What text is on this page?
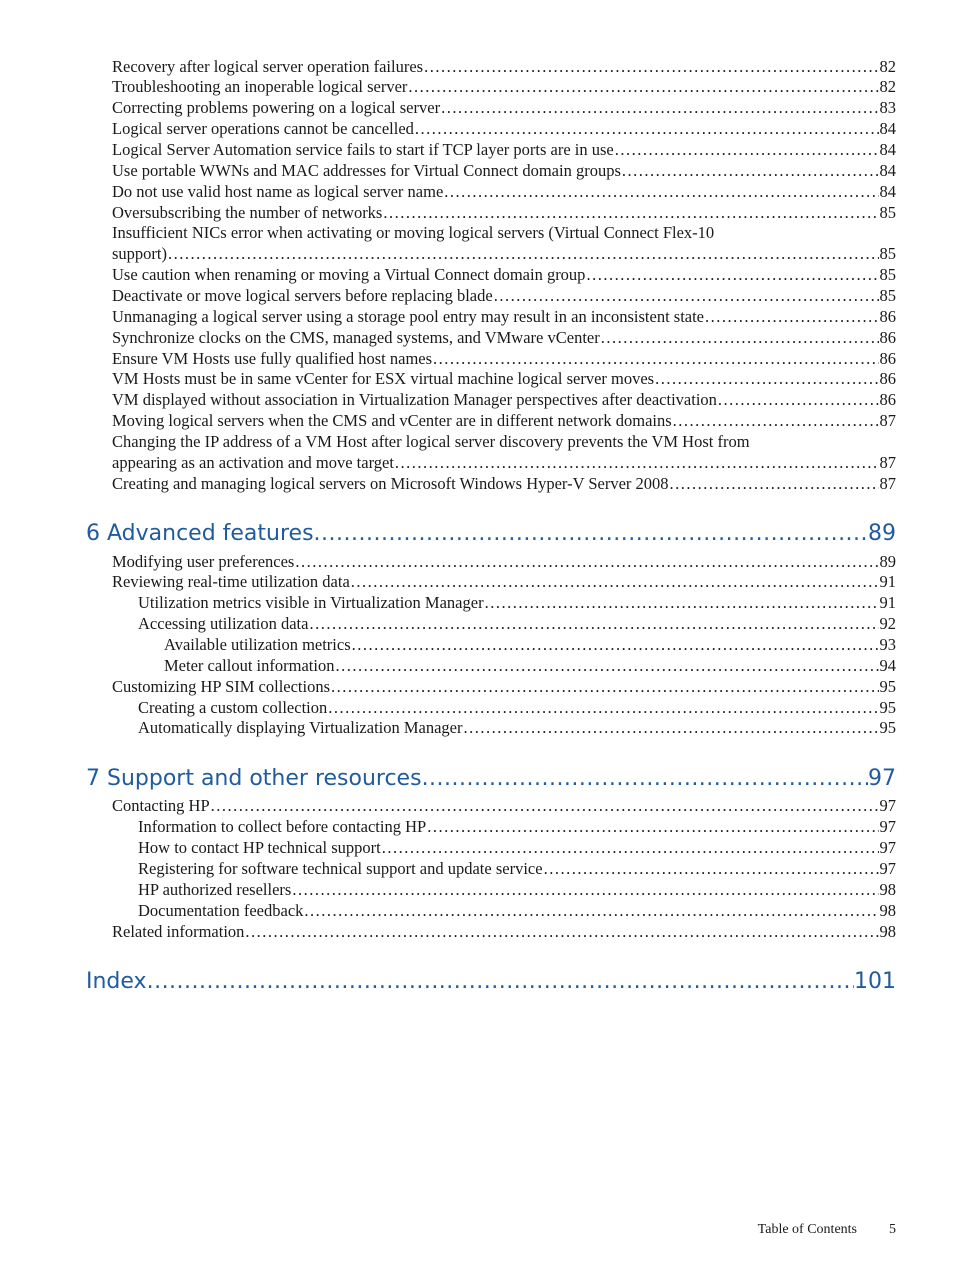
Recovery after logical server operation failures .....	82
Troubleshooting an inoperable logical server .....	82
Correcting problems powering on a logical server .....	83
Logical server operations cannot be cancelled .....	84
Logical Server Automation service fails to start if TCP layer ports are in use .....	84
Use portable WWNs and MAC addresses for Virtual Connect domain groups .....	84
Do not use valid host name as logical server name .....	84
Oversubscribing the number of networks .....	85
Insufficient NICs error when activating or moving logical servers (Virtual Connect Flex-10
support) .....	85
Use caution when renaming or moving a Virtual Connect domain group .....	85
Deactivate or move logical servers before replacing blade .....	85
Unmanaging a logical server using a storage pool entry may result in an inconsistent state .....	86
Synchronize clocks on the CMS, managed systems, and VMware vCenter .....	86
Ensure VM Hosts use fully qualified host names .....	86
VM Hosts must be in same vCenter for ESX virtual machine logical server moves .....	86
VM displayed without association in Virtualization Manager perspectives after deactivation .....	86
Moving logical servers when the CMS and vCenter are in different network domains .....	87
Changing the IP address of a VM Host after logical server discovery prevents the VM Host from
appearing as an activation and move target .....	87
Creating and managing logical servers on Microsoft Windows Hyper-V Server 2008 .....	87
6 Advanced features .....	89
Modifying user preferences .....	89
Reviewing real-time utilization data .....	91
Utilization metrics visible in Virtualization Manager .....	91
Accessing utilization data .....	92
Available utilization metrics .....	93
Meter callout information .....	94
Customizing HP SIM collections .....	95
Creating a custom collection .....	95
Automatically displaying Virtualization Manager .....	95
7 Support and other resources .....	97
Contacting HP .....	97
Information to collect before contacting HP .....	97
How to contact HP technical support .....	97
Registering for software technical support and update service .....	97
HP authorized resellers .....	98
Documentation feedback .....	98
Related information .....	98
Index .....	101
Table of Contents 5
